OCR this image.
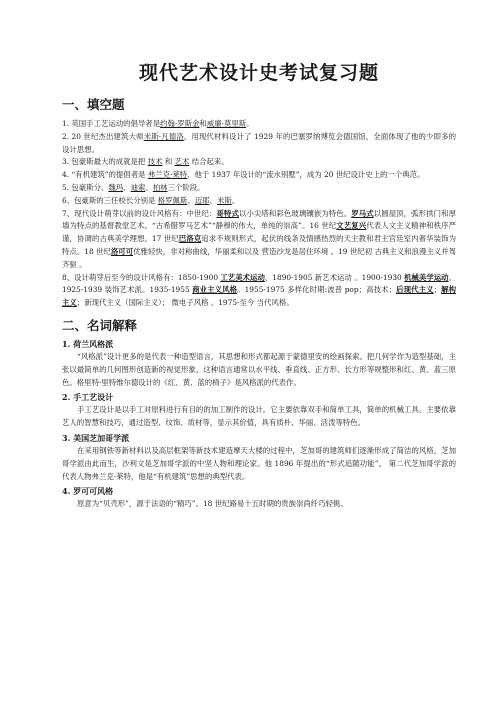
现代艺术设计史考试复习题
一、填空题

1. 英国手工艺运动的倡导者是约翰·罗斯金和威廉·莫里斯。

2. 20 世纪杰出建筑大师米斯·凡德洛，用现代材料设计了 1929 年的巴塞罗纳博览会德国馆，全面体现了他的少即多的设计思想。

3. 包豪斯最大的成就是把 技术 和 艺术 结合起来。

4. “有机建筑”的提倡者是 弗兰克·莱特，他于 1937 年设计的“流水别墅”，成为 20 世纪设计史上的一个典范。

5. 包豪斯分、魏玛、迪索、柏林三个阶段。

6、包豪斯的三任校长分别是 格罗佩斯、迈耶、米斯。

7、现代设计萌芽以前的设计风格有：中世纪：哥特式以小尖塔和彩色玻璃镶嵌为特色。罗马式以圆屋顶，弧形拱门和厚墙为特点的基督教堂艺术。“古希腊罗马艺术”“静穆的伟大，单纯的崇高”。16 世纪文艺复兴代表人文主义精神和秩序严谨，协调的古典美学理想。17 世纪巴洛克追求不规则形式，起伏的线条及情感热烈的天主教和君主宫廷室内奢华装饰为特点。18 世纪洛可可优雅轻快，非对称曲线，华丽柔和以及 营造沙龙是居住环境 。19 世纪初 古典主义和浪漫主义并驾齐驱 。

8、设计萌芽后至今的设计风格有：1850-1900 工艺美术运动，1890-1905 新艺术运动 。1900-1930 机械美学运动。1925-1939 装饰艺术派。1935-1955 商业主义风格。1955-1975 多样化时期:波普 pop；高技术；后现代主义；解构主义；新现代主义（国际主义）； 微电子风格 。1975-至今 当代风格。

二、名词解释
1. 荷兰风格派

“风格派”设计更多的是代表一种造型语言，其思想和形式都起源于蒙德里安的绘画探索。把几何学作为造型基础，主张以最简单的几何图形创造新的视觉形象，这种语言通常以水平线、垂直线、正方形、长方形等规整形和红、黄、蓝三原色。格里特·里特维尔德设计的《红、黄、蓝的椅子》是风格派的代表作。

2. 手工艺设计

手工艺设计是以手工对原料进行有目的的加工制作的设计。它主要依靠双手和简单工具，简单的机械工具。主要依靠艺人的智慧和技巧，通过造型、纹饰、质材等，显示其价值，具有质朴、华丽、活泼等特色。

3. 美国芝加哥学派

在采用钢铁等新材料以及高层框架等新技术建造摩天大楼的过程中，芝加哥的建筑师们逐渐形成了简洁的风格，芝加哥学派由此而生，沙利文是芝加哥学派的中坚人物和理论家。他 1896 年提出的“形式追随功能”。 第二代芝加哥学派的代表人物弗兰克·莱特，他是“有机建筑”思想的典型代表。

4. 罗可可风格

原意为“贝壳形”，源于法语的“精巧”。18 世纪路易十五时期的贵族崇尚纤巧轻佻、
